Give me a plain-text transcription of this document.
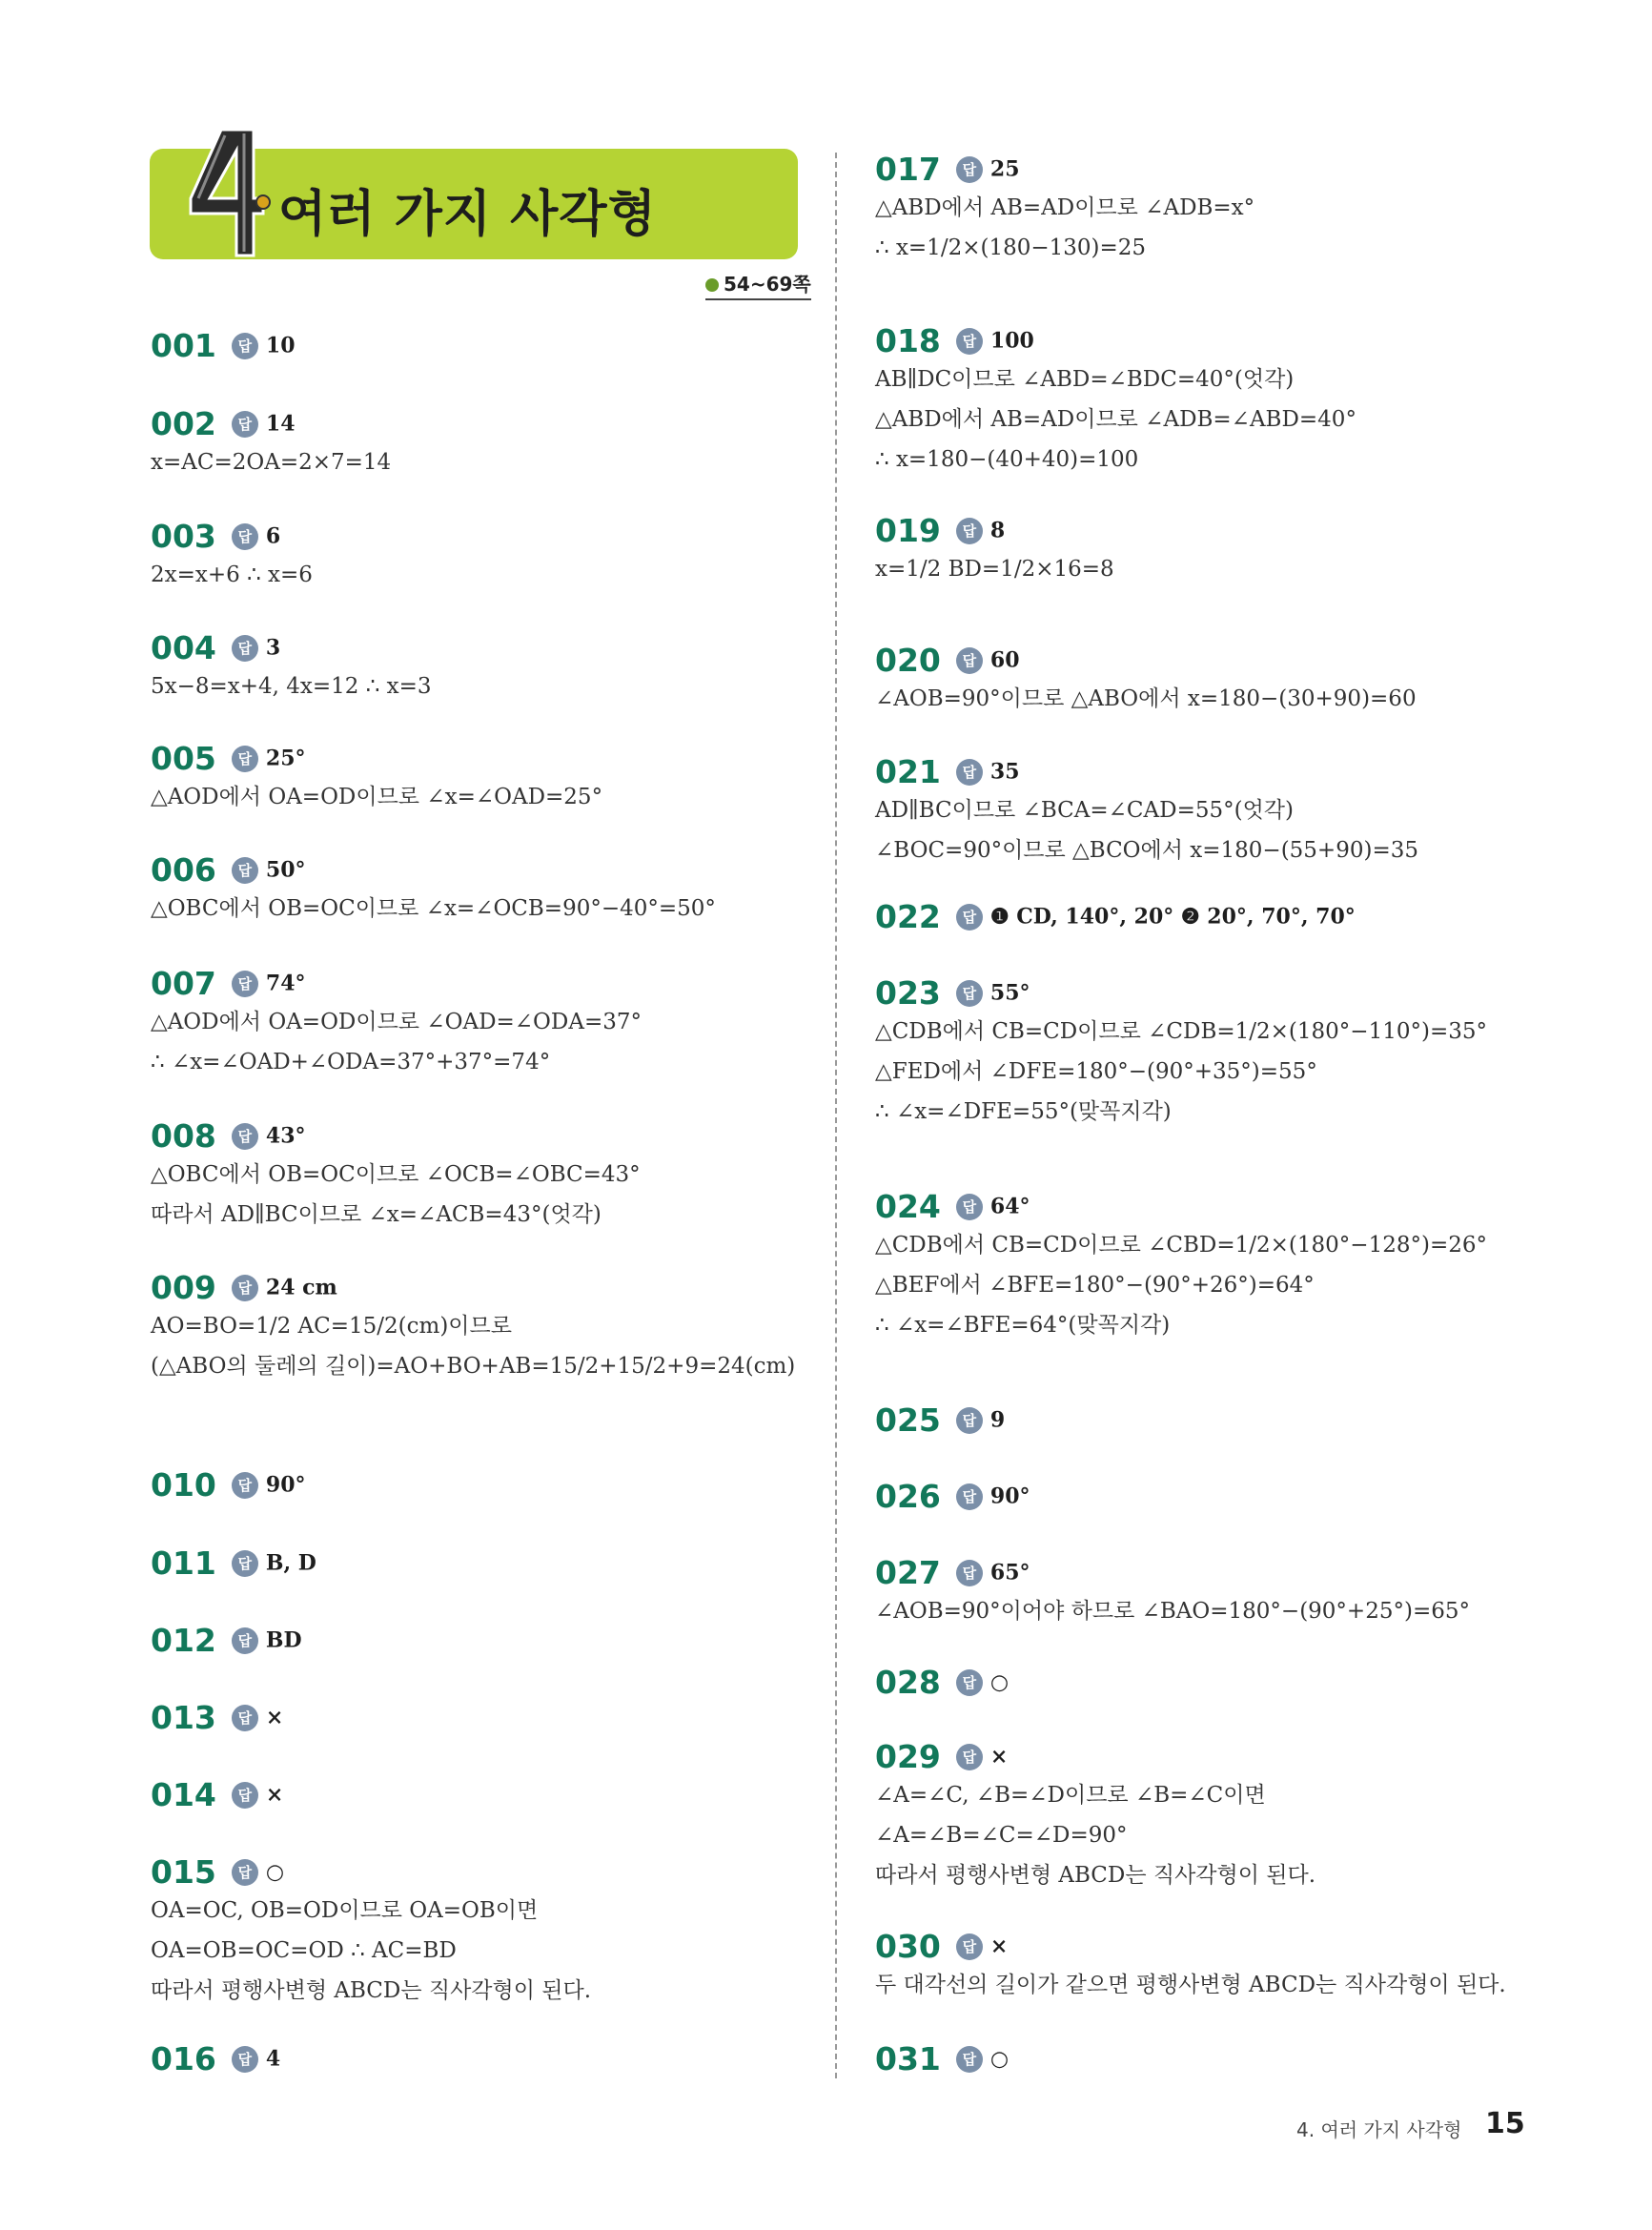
여러 가지 사각형
54~69쪽
001 답 10
002 답 14
x=AC=2OA=2×7=14
003 답 6
2x=x+6 ∴ x=6
004 답 3
5x−8=x+4, 4x=12 ∴ x=3
005 답 25°
△AOD에서 OA=OD이므로 ∠x=∠OAD=25°
006 답 50°
△OBC에서 OB=OC이므로 ∠x=∠OCB=90°−40°=50°
007 답 74°
△AOD에서 OA=OD이므로 ∠OAD=∠ODA=37°
∴ ∠x=∠OAD+∠ODA=37°+37°=74°
008 답 43°
△OBC에서 OB=OC이므로 ∠OCB=∠OBC=43°
따라서 AD∥BC이므로 ∠x=∠ACB=43°(엇각)
009 답 24 cm
AO=BO=1/2 AC=15/2(cm)이므로
(△ABO의 둘레의 길이)=AO+BO+AB=15/2+15/2+9=24(cm)
010 답 90°
011 답 B, D
012 답 BD
013 답 ×
014 답 ×
015 답 ○
OA=OC, OB=OD이므로 OA=OB이면
OA=OB=OC=OD ∴ AC=BD
따라서 평행사변형 ABCD는 직사각형이 된다.
016 답 4
017 답 25
△ABD에서 AB=AD이므로 ∠ADB=x°
∴ x=1/2×(180−130)=25
018 답 100
AB∥DC이므로 ∠ABD=∠BDC=40°(엇각)
△ABD에서 AB=AD이므로 ∠ADB=∠ABD=40°
∴ x=180−(40+40)=100
019 답 8
x=1/2 BD=1/2×16=8
020 답 60
∠AOB=90°이므로 △ABO에서 x=180−(30+90)=60
021 답 35
AD∥BC이므로 ∠BCA=∠CAD=55°(엇각)
∠BOC=90°이므로 △BCO에서 x=180−(55+90)=35
022 답 ❶ CD, 140°, 20° ❷ 20°, 70°, 70°
023 답 55°
△CDB에서 CB=CD이므로 ∠CDB=1/2×(180°−110°)=35°
△FED에서 ∠DFE=180°−(90°+35°)=55°
∴ ∠x=∠DFE=55°(맞꼭지각)
024 답 64°
△CDB에서 CB=CD이므로 ∠CBD=1/2×(180°−128°)=26°
△BEF에서 ∠BFE=180°−(90°+26°)=64°
∴ ∠x=∠BFE=64°(맞꼭지각)
025 답 9
026 답 90°
027 답 65°
∠AOB=90°이어야 하므로 ∠BAO=180°−(90°+25°)=65°
028 답 ○
029 답 ×
∠A=∠C, ∠B=∠D이므로 ∠B=∠C이면
∠A=∠B=∠C=∠D=90°
따라서 평행사변형 ABCD는 직사각형이 된다.
030 답 ×
두 대각선의 길이가 같으면 평행사변형 ABCD는 직사각형이 된다.
031 답 ○
4. 여러 가지 사각형 15
